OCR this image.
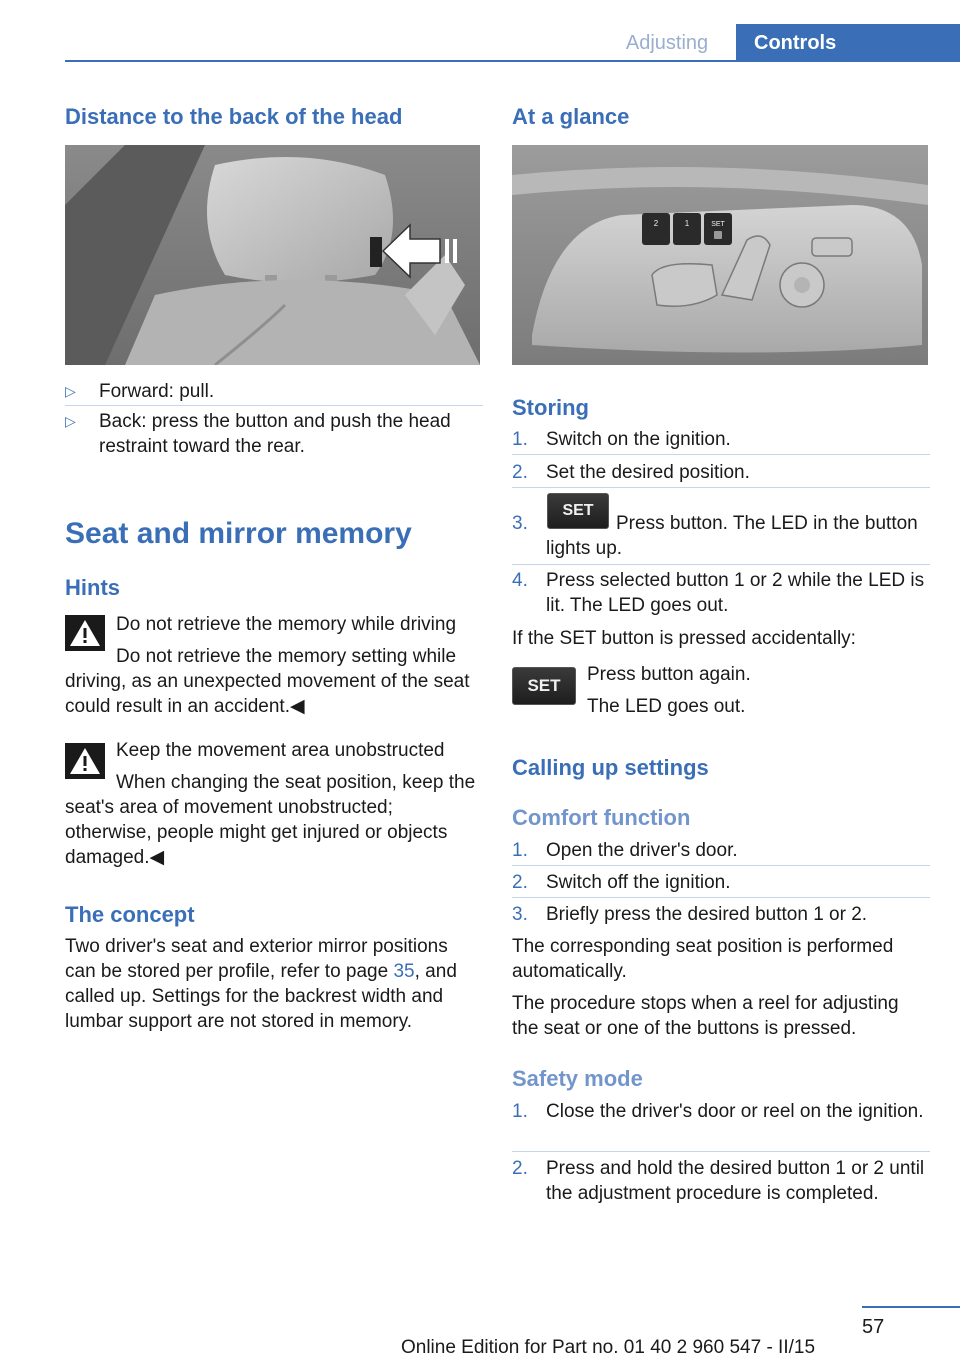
Adjusting	Controls
Distance to the back of the head
▷ Forward: pull.
▷ Back: press the button and push the head restraint toward the rear.
Seat and mirror memory
Hints
Do not retrieve the memory while driving
Do not retrieve the memory setting while driving, as an unexpected movement of the seat could result in an accident.◀
Keep the movement area unobstructed
When changing the seat position, keep the seat's area of movement unobstructed; otherwise, people might get injured or objects damaged.◀
The concept
Two driver's seat and exterior mirror positions can be stored per profile, refer to page 35, and called up. Settings for the backrest width and lumbar support are not stored in memory.
At a glance
2	1	SET
Storing
1. Switch on the ignition.
2. Set the desired position.
3.
SET
Press button. The LED in the button lights up.
4. Press selected button 1 or 2 while the LED is lit. The LED goes out.
If the SET button is pressed accidentally:
SET
Press button again.
The LED goes out.
Calling up settings
Comfort function
1. Open the driver's door.
2. Switch off the ignition.
3. Briefly press the desired button 1 or 2.
The corresponding seat position is performed automatically.
The procedure stops when a reel for adjusting the seat or one of the buttons is pressed.
Safety mode
1. Close the driver's door or reel on the ignition.
2. Press and hold the desired button 1 or 2 until the adjustment procedure is completed.
57
Online Edition for Part no. 01 40 2 960 547 - II/15
